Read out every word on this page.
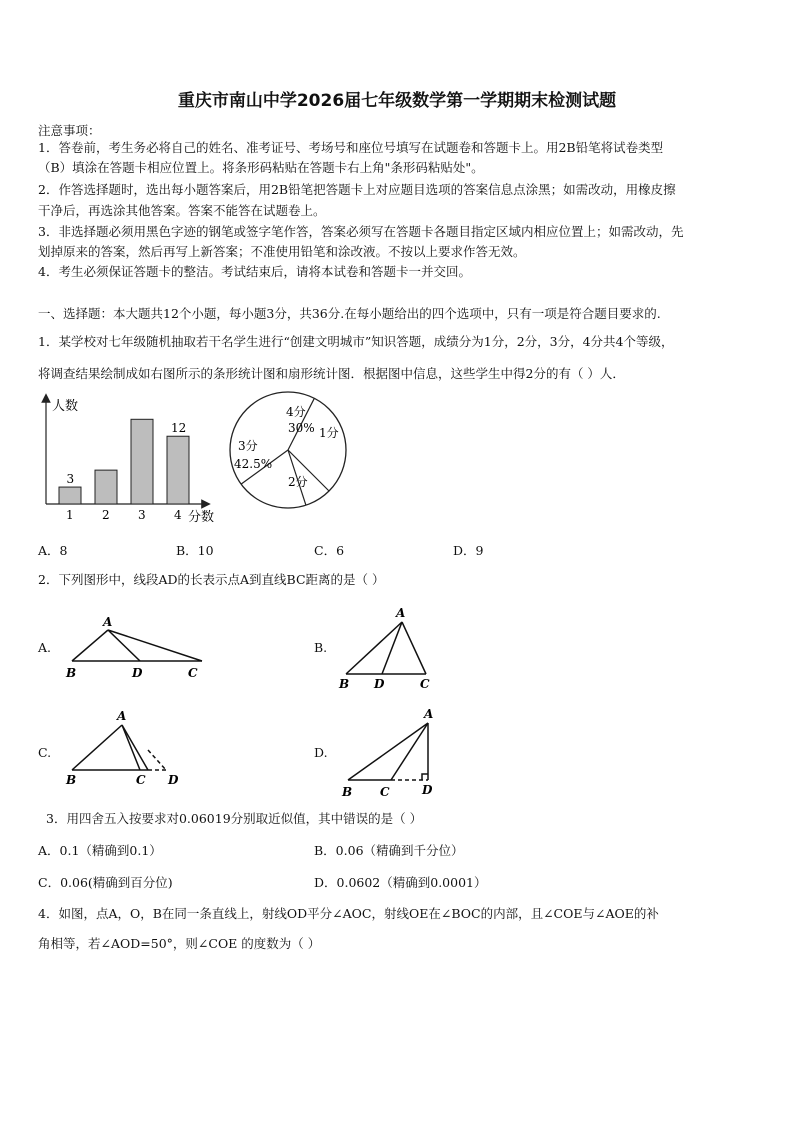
重庆市南山中学2026届七年级数学第一学期期末检测试题
注意事项：
1．答卷前，考生务必将自己的姓名、准考证号、考场号和座位号填写在试题卷和答题卡上。用2B铅笔将试卷类型
（B）填涂在答题卡相应位置上。将条形码粘贴在答题卡右上角"条形码粘贴处"。
2．作答选择题时，选出每小题答案后，用2B铅笔把答题卡上对应题目选项的答案信息点涂黑；如需改动，用橡皮擦
干净后，再选涂其他答案。答案不能答在试题卷上。
3．非选择题必须用黑色字迹的钢笔或签字笔作答，答案必须写在答题卡各题目指定区域内相应位置上；如需改动，先
划掉原来的答案，然后再写上新答案；不准使用铅笔和涂改液。不按以上要求作答无效。
4．考生必须保证答题卡的整洁。考试结束后，请将本试卷和答题卡一并交回。
一、选择题：本大题共12个小题，每小题3分，共36分.在每小题给出的四个选项中，只有一项是符合题目要求的.
1．某学校对七年级随机抽取若干名学生进行“创建文明城市”知识答题，成绩分为1分，2分，3分，4分共4个等级，
将调查结果绘制成如右图所示的条形统计图和扇形统计图．根据图中信息，这些学生中得2分的有（ ）人．
人数
分数
1
3
2 3 4
12
4分
30% 1分
2分
3分
42.5%
A．8	B．10	C．6	D．9
2．下列图形中，线段AD的长表示点A到直线BC距离的是（ ）
A.
A
B	D	C
B.
A
B D	C
C.
A
B	C D
D.
A
B C	D
3．用四舍五入按要求对0.06019分别取近似值，其中错误的是（ ）
A．0.1（精确到0.1）	B．0.06（精确到千分位）
C．0.06(精确到百分位)	D．0.0602（精确到0.0001）
4．如图，点A，O，B在同一条直线上，射线OD平分∠AOC，射线OE在∠BOC的内部，且∠COE与∠AOE的补
角相等，若∠AOD=50°，则∠COE 的度数为（ ）
